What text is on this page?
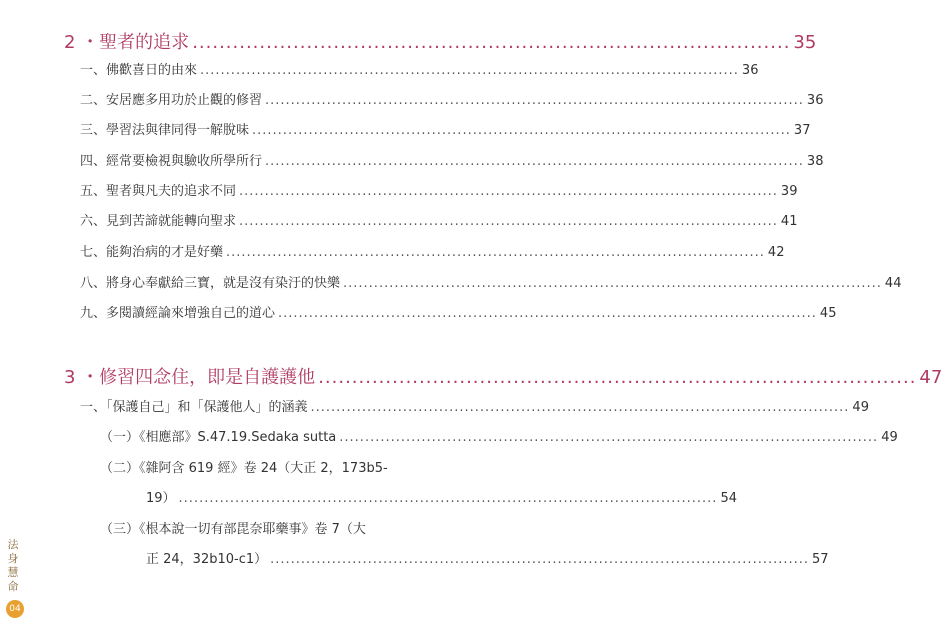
2 ・聖者的追求 ......................................................................................... 35
一、佛歡喜日的由來 ......................................................................................................... 36
二、安居應多用功於止觀的修習 ......................................................................................................... 36
三、學習法與律同得一解脫味 ......................................................................................................... 37
四、經常要檢視與驗收所學所行 ......................................................................................................... 38
五、聖者與凡夫的追求不同 ......................................................................................................... 39
六、見到苦諦就能轉向聖求 ......................................................................................................... 41
七、能夠治病的才是好藥 ......................................................................................................... 42
八、將身心奉獻給三寶，就是沒有染汙的快樂 ......................................................................................................... 44
九、多閱讀經論來增強自己的道心 ......................................................................................................... 45
3 ・修習四念住，即是自護護他 ......................................................................................... 47
一、「保護自己」和「保護他人」的涵義 ......................................................................................................... 49
（一）《相應部》S.47.19.Sedaka sutta ......................................................................................................... 49
（二）《雜阿含 619 經》卷 24（大正 2，173b5-
19） ......................................................................................................... 54
（三）《根本說一切有部毘奈耶藥事》卷 7（大
正 24，32b10-c1） ......................................................................................................... 57
法
身
慧
命
04
